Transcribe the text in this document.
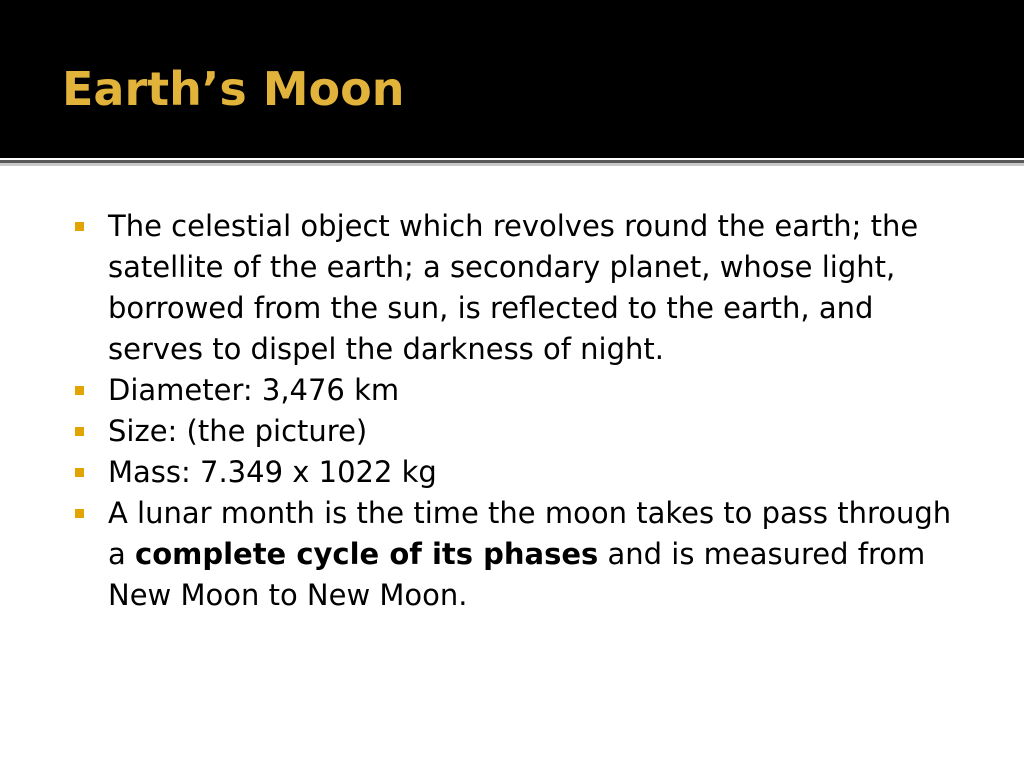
Earth’s Moon
The celestial object which revolves round the earth; the satellite of the earth; a secondary planet, whose light, borrowed from the sun, is reflected to the earth, and serves to dispel the darkness of night.
Diameter: 3,476 km
Size: (the picture)
Mass: 7.349 x 1022 kg
A lunar month is the time the moon takes to pass through a complete cycle of its phases and is measured from New Moon to New Moon.
